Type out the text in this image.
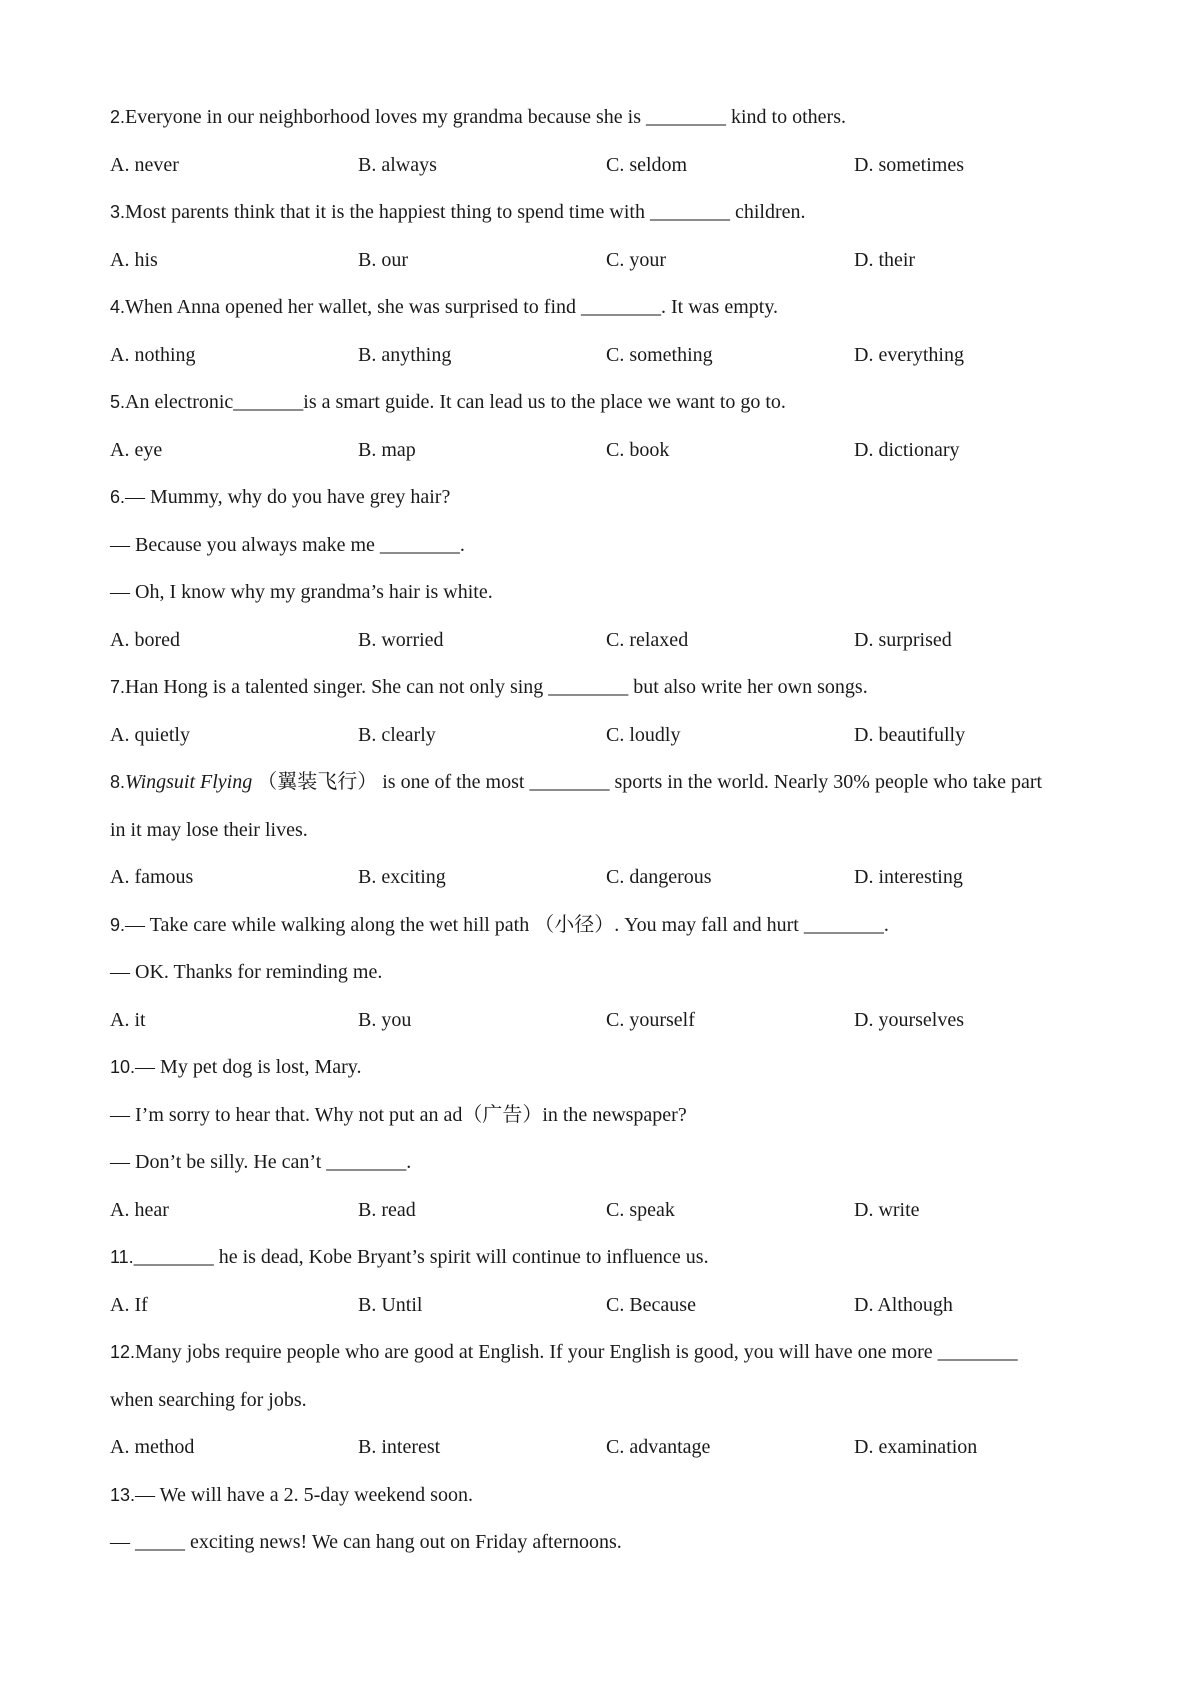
2.Everyone in our neighborhood loves my grandma because she is ________ kind to others.
A. never	B. always	C. seldom	D. sometimes
3.Most parents think that it is the happiest thing to spend time with ________ children.
A. his	B. our	C. your	D. their
4.When Anna opened her wallet, she was surprised to find ________. It was empty.
A. nothing	B. anything	C. something	D. everything
5.An electronic_______is a smart guide. It can lead us to the place we want to go to.
A. eye	B. map	C. book	D. dictionary
6.— Mummy, why do you have grey hair?
— Because you always make me ________.
— Oh, I know why my grandma’s hair is white.
A. bored	B. worried	C. relaxed	D. surprised
7.Han Hong is a talented singer. She can not only sing ________ but also write her own songs.
A. quietly	B. clearly	C. loudly	D. beautifully
8.Wingsuit Flying （翼装飞行） is one of the most ________ sports in the world. Nearly 30% people who take part
in it may lose their lives.
A. famous	B. exciting	C. dangerous	D. interesting
9.— Take care while walking along the wet hill path （小径）. You may fall and hurt ________.
— OK. Thanks for reminding me.
A. it	B. you	C. yourself	D. yourselves
10.— My pet dog is lost, Mary.
— I’m sorry to hear that. Why not put an ad（广告）in the newspaper?
— Don’t be silly. He can’t ________.
A. hear	B. read	C. speak	D. write
11.________ he is dead, Kobe Bryant’s spirit will continue to influence us.
A. If	B. Until	C. Because	D. Although
12.Many jobs require people who are good at English. If your English is good, you will have one more ________
when searching for jobs.
A. method	B. interest	C. advantage	D. examination
13.— We will have a 2. 5-day weekend soon.
— _____ exciting news! We can hang out on Friday afternoons.
